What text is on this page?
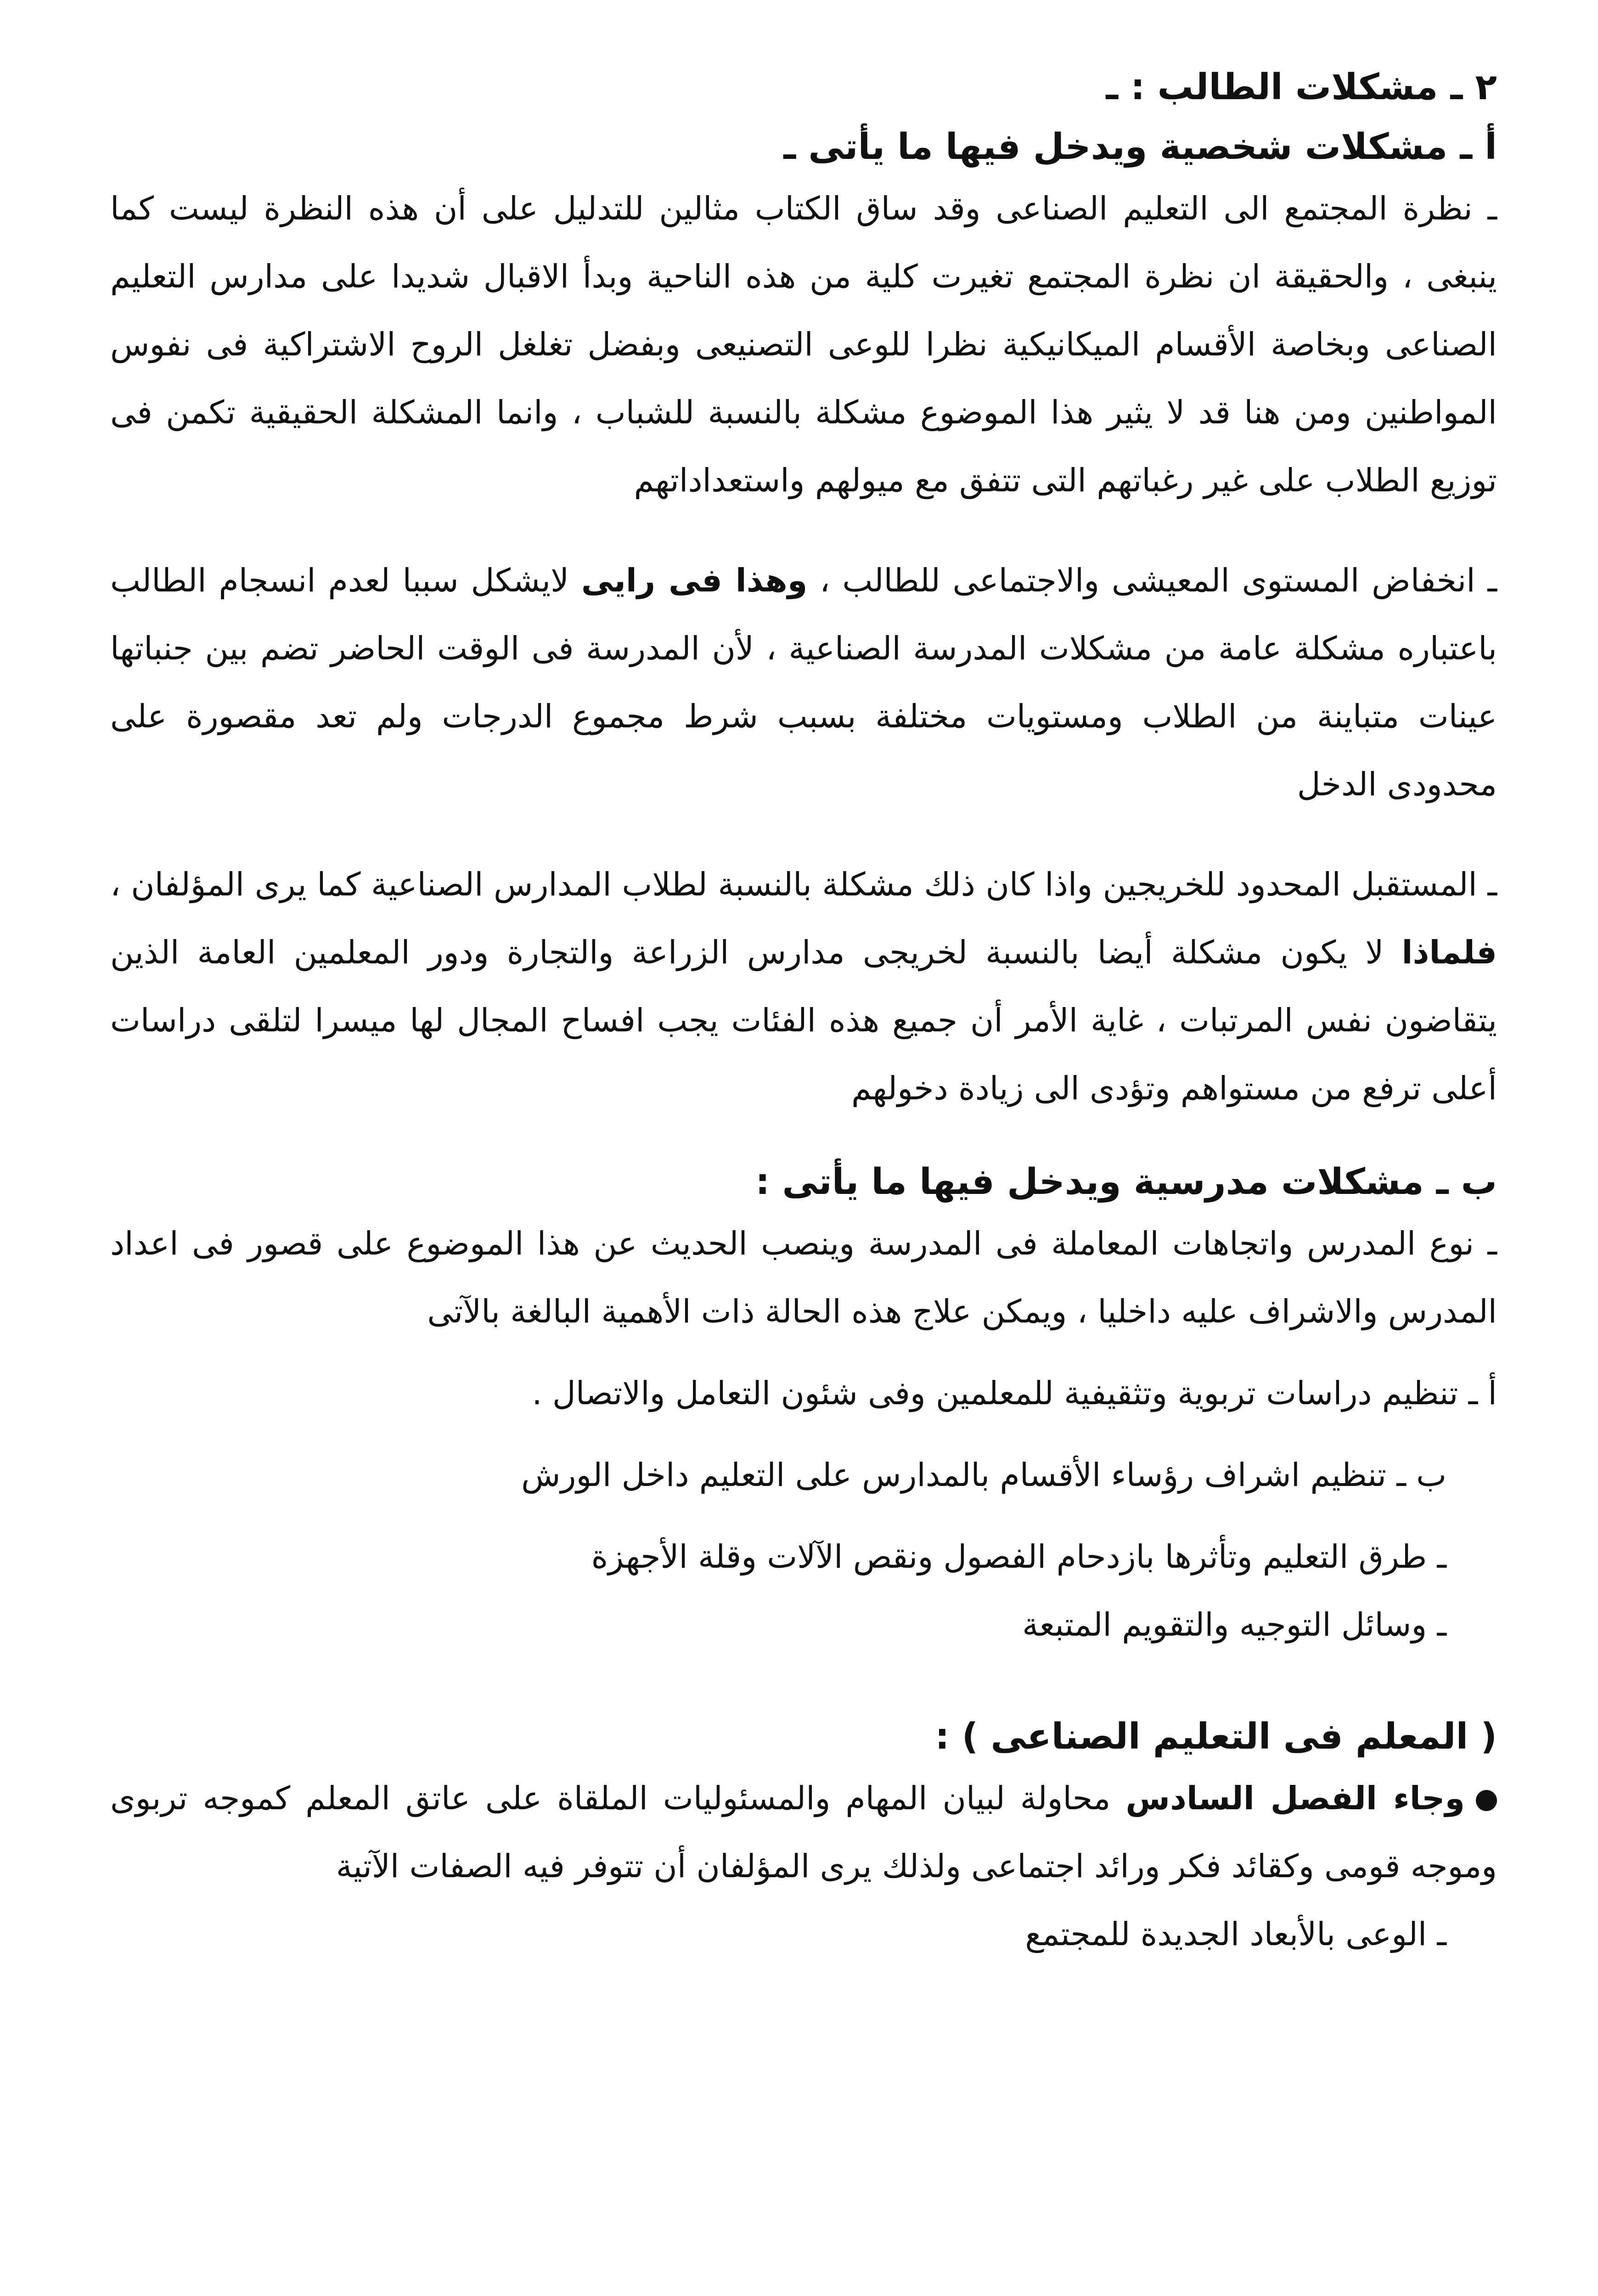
٢ ـ مشكلات الطالب : ـ
أ ـ مشكلات شخصية ويدخل فيها ما يأتى ـ

ـ نظرة المجتمع الى التعليم الصناعى وقد ساق الكتاب مثالين للتدليل على أن هذه النظرة ليست كما ينبغى ، والحقيقة ان نظرة المجتمع تغيرت كلية من هذه الناحية وبدأ الاقبال شديدا على مدارس التعليم الصناعى وبخاصة الأقسام الميكانيكية نظرا للوعى التصنيعى وبفضل تغلغل الروح الاشتراكية فى نفوس المواطنين ومن هنا قد لا يثير هذا الموضوع مشكلة بالنسبة للشباب ، وانما المشكلة الحقيقية تكمن فى توزيع الطلاب على غير رغباتهم التى تتفق مع ميولهم واستعداداتهم

ـ انخفاض المستوى المعيشى والاجتماعى للطالب ، وهذا فى رايى لايشكل سببا لعدم انسجام الطالب باعتباره مشكلة عامة من مشكلات المدرسة الصناعية ، لأن المدرسة فى الوقت الحاضر تضم بين جنباتها عينات متباينة من الطلاب ومستويات مختلفة بسبب شرط مجموع الدرجات ولم تعد مقصورة على محدودى الدخل

ـ المستقبل المحدود للخريجين واذا كان ذلك مشكلة بالنسبة لطلاب المدارس الصناعية كما يرى المؤلفان ، فلماذا لا يكون مشكلة أيضا بالنسبة لخريجى مدارس الزراعة والتجارة ودور المعلمين العامة الذين يتقاضون نفس المرتبات ، غاية الأمر أن جميع هذه الفئات يجب افساح المجال لها ميسرا لتلقى دراسات أعلى ترفع من مستواهم وتؤدى الى زيادة دخولهم

ب ـ مشكلات مدرسية ويدخل فيها ما يأتى :

ـ نوع المدرس واتجاهات المعاملة فى المدرسة وينصب الحديث عن هذا الموضوع على قصور فى اعداد المدرس والاشراف عليه داخليا ، ويمكن علاج هذه الحالة ذات الأهمية البالغة بالآتى

أ ـ تنظيم دراسات تربوية وتثقيفية للمعلمين وفى شئون التعامل والاتصال .

ب ـ تنظيم اشراف رؤساء الأقسام بالمدارس على التعليم داخل الورش

ـ طرق التعليم وتأثرها بازدحام الفصول ونقص الآلات وقلة الأجهزة

ـ وسائل التوجيه والتقويم المتبعة

( المعلم فى التعليم الصناعى ) :

وجاء الفصل السادس محاولة لبيان المهام والمسئوليات الملقاة على عاتق المعلم كموجه تربوى وموجه قومى وكقائد فكر ورائد اجتماعى ولذلك يرى المؤلفان أن تتوفر فيه الصفات الآتية

ـ الوعى بالأبعاد الجديدة للمجتمع
